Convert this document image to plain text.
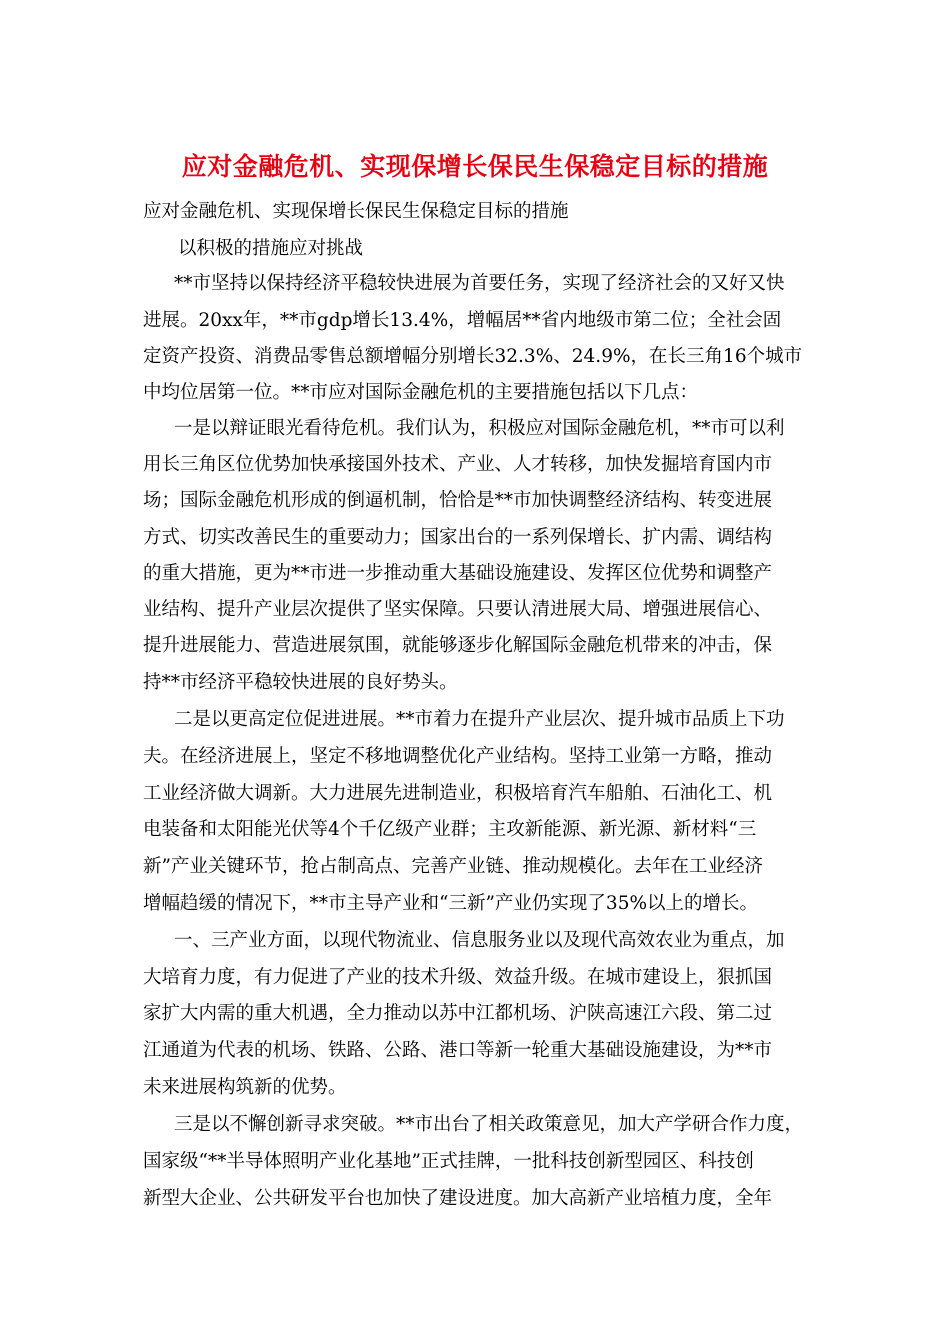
应对金融危机、实现保增长保民生保稳定目标的措施
应对金融危机、实现保增长保民生保稳定目标的措施
以积极的措施应对挑战
**市坚持以保持经济平稳较快进展为首要任务，实现了经济社会的又好又快
进展。20xx年，**市gdp增长13.4%，增幅居**省内地级市第二位；全社会固
定资产投资、消费品零售总额增幅分别增长32.3%、24.9%，在长三角16个城市
中均位居第一位。**市应对国际金融危机的主要措施包括以下几点：
一是以辩证眼光看待危机。我们认为，积极应对国际金融危机，**市可以利
用长三角区位优势加快承接国外技术、产业、人才转移，加快发掘培育国内市
场；国际金融危机形成的倒逼机制，恰恰是**市加快调整经济结构、转变进展
方式、切实改善民生的重要动力；国家出台的一系列保增长、扩内需、调结构
的重大措施，更为**市进一步推动重大基础设施建设、发挥区位优势和调整产
业结构、提升产业层次提供了坚实保障。只要认清进展大局、增强进展信心、
提升进展能力、营造进展氛围，就能够逐步化解国际金融危机带来的冲击，保
持**市经济平稳较快进展的良好势头。
二是以更高定位促进进展。**市着力在提升产业层次、提升城市品质上下功
夫。在经济进展上，坚定不移地调整优化产业结构。坚持工业第一方略，推动
工业经济做大调新。大力进展先进制造业，积极培育汽车船舶、石油化工、机
电装备和太阳能光伏等4个千亿级产业群；主攻新能源、新光源、新材料“三
新”产业关键环节，抢占制高点、完善产业链、推动规模化。去年在工业经济
增幅趋缓的情况下，**市主导产业和“三新”产业仍实现了35%以上的增长。
一、三产业方面，以现代物流业、信息服务业以及现代高效农业为重点，加
大培育力度，有力促进了产业的技术升级、效益升级。在城市建设上，狠抓国
家扩大内需的重大机遇，全力推动以苏中江都机场、沪陕高速江六段、第二过
江通道为代表的机场、铁路、公路、港口等新一轮重大基础设施建设，为**市
未来进展构筑新的优势。
三是以不懈创新寻求突破。**市出台了相关政策意见，加大产学研合作力度，
国家级“**半导体照明产业化基地”正式挂牌，一批科技创新型园区、科技创
新型大企业、公共研发平台也加快了建设进度。加大高新产业培植力度，全年
